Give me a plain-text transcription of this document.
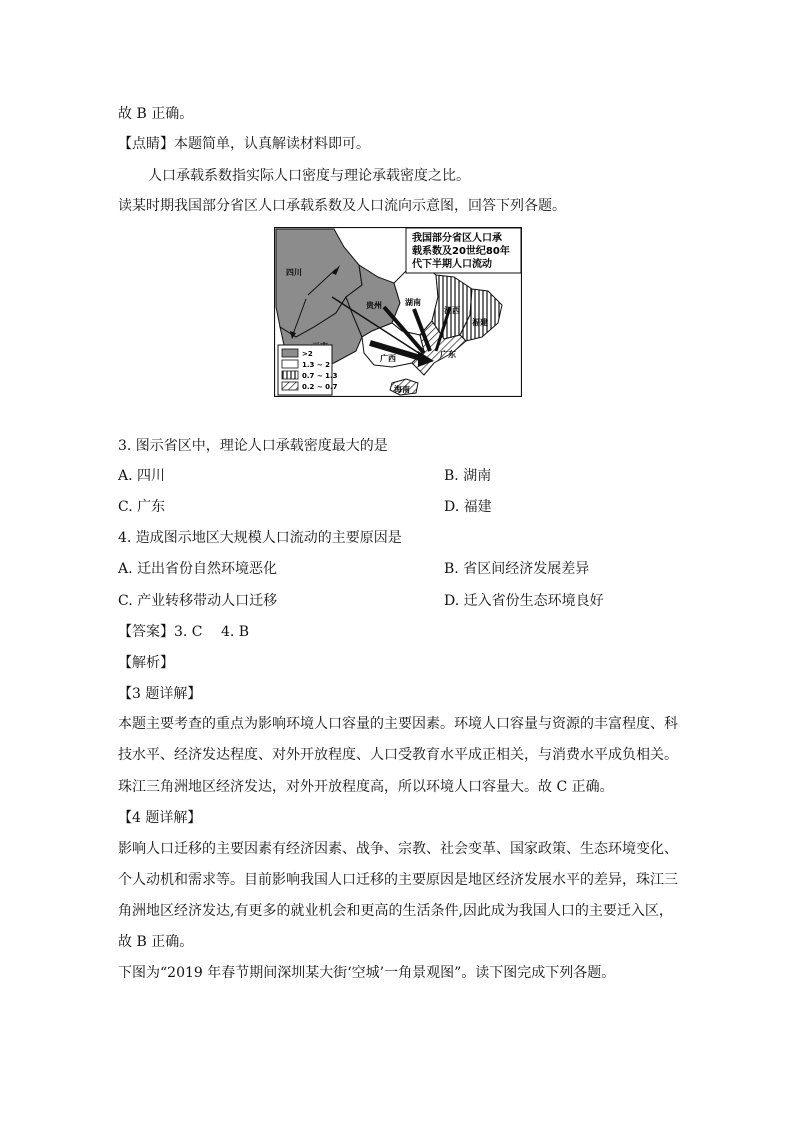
故 B 正确。
【点睛】本题简单，认真解读材料即可。
人口承载系数指实际人口密度与理论承载密度之比。
读某时期我国部分省区人口承载系数及人口流向示意图，回答下列各题。
我国部分省区人口承
载系数及20世纪80年
代下半期人口流动
四川
贵州	湖南
江西
福建
广西	广东
海南
>2
1.3 ~ 2
0.7 ~ 1.3
0.2 ~ 0.7
3. 图示省区中，理论人口承载密度最大的是
A. 四川	B. 湖南
C. 广东	D. 福建
4. 造成图示地区大规模人口流动的主要原因是
A. 迁出省份自然环境恶化	B. 省区间经济发展差异
C. 产业转移带动人口迁移	D. 迁入省份生态环境良好
【答案】3. C　 4. B
【解析】
【3 题详解】
本题主要考查的重点为影响环境人口容量的主要因素。环境人口容量与资源的丰富程度、科
技水平、经济发达程度、对外开放程度、人口受教育水平成正相关，与消费水平成负相关。
珠江三角洲地区经济发达，对外开放程度高，所以环境人口容量大。故 C 正确。
【4 题详解】
影响人口迁移的主要因素有经济因素、战争、宗教、社会变革、国家政策、生态环境变化、
个人动机和需求等。目前影响我国人口迁移的主要原因是地区经济发展水平的差异，珠江三
角洲地区经济发达,有更多的就业机会和更高的生活条件,因此成为我国人口的主要迁入区，
故 B 正确。
下图为“2019 年春节期间深圳某大街‘空城’一角景观图”。读下图完成下列各题。
